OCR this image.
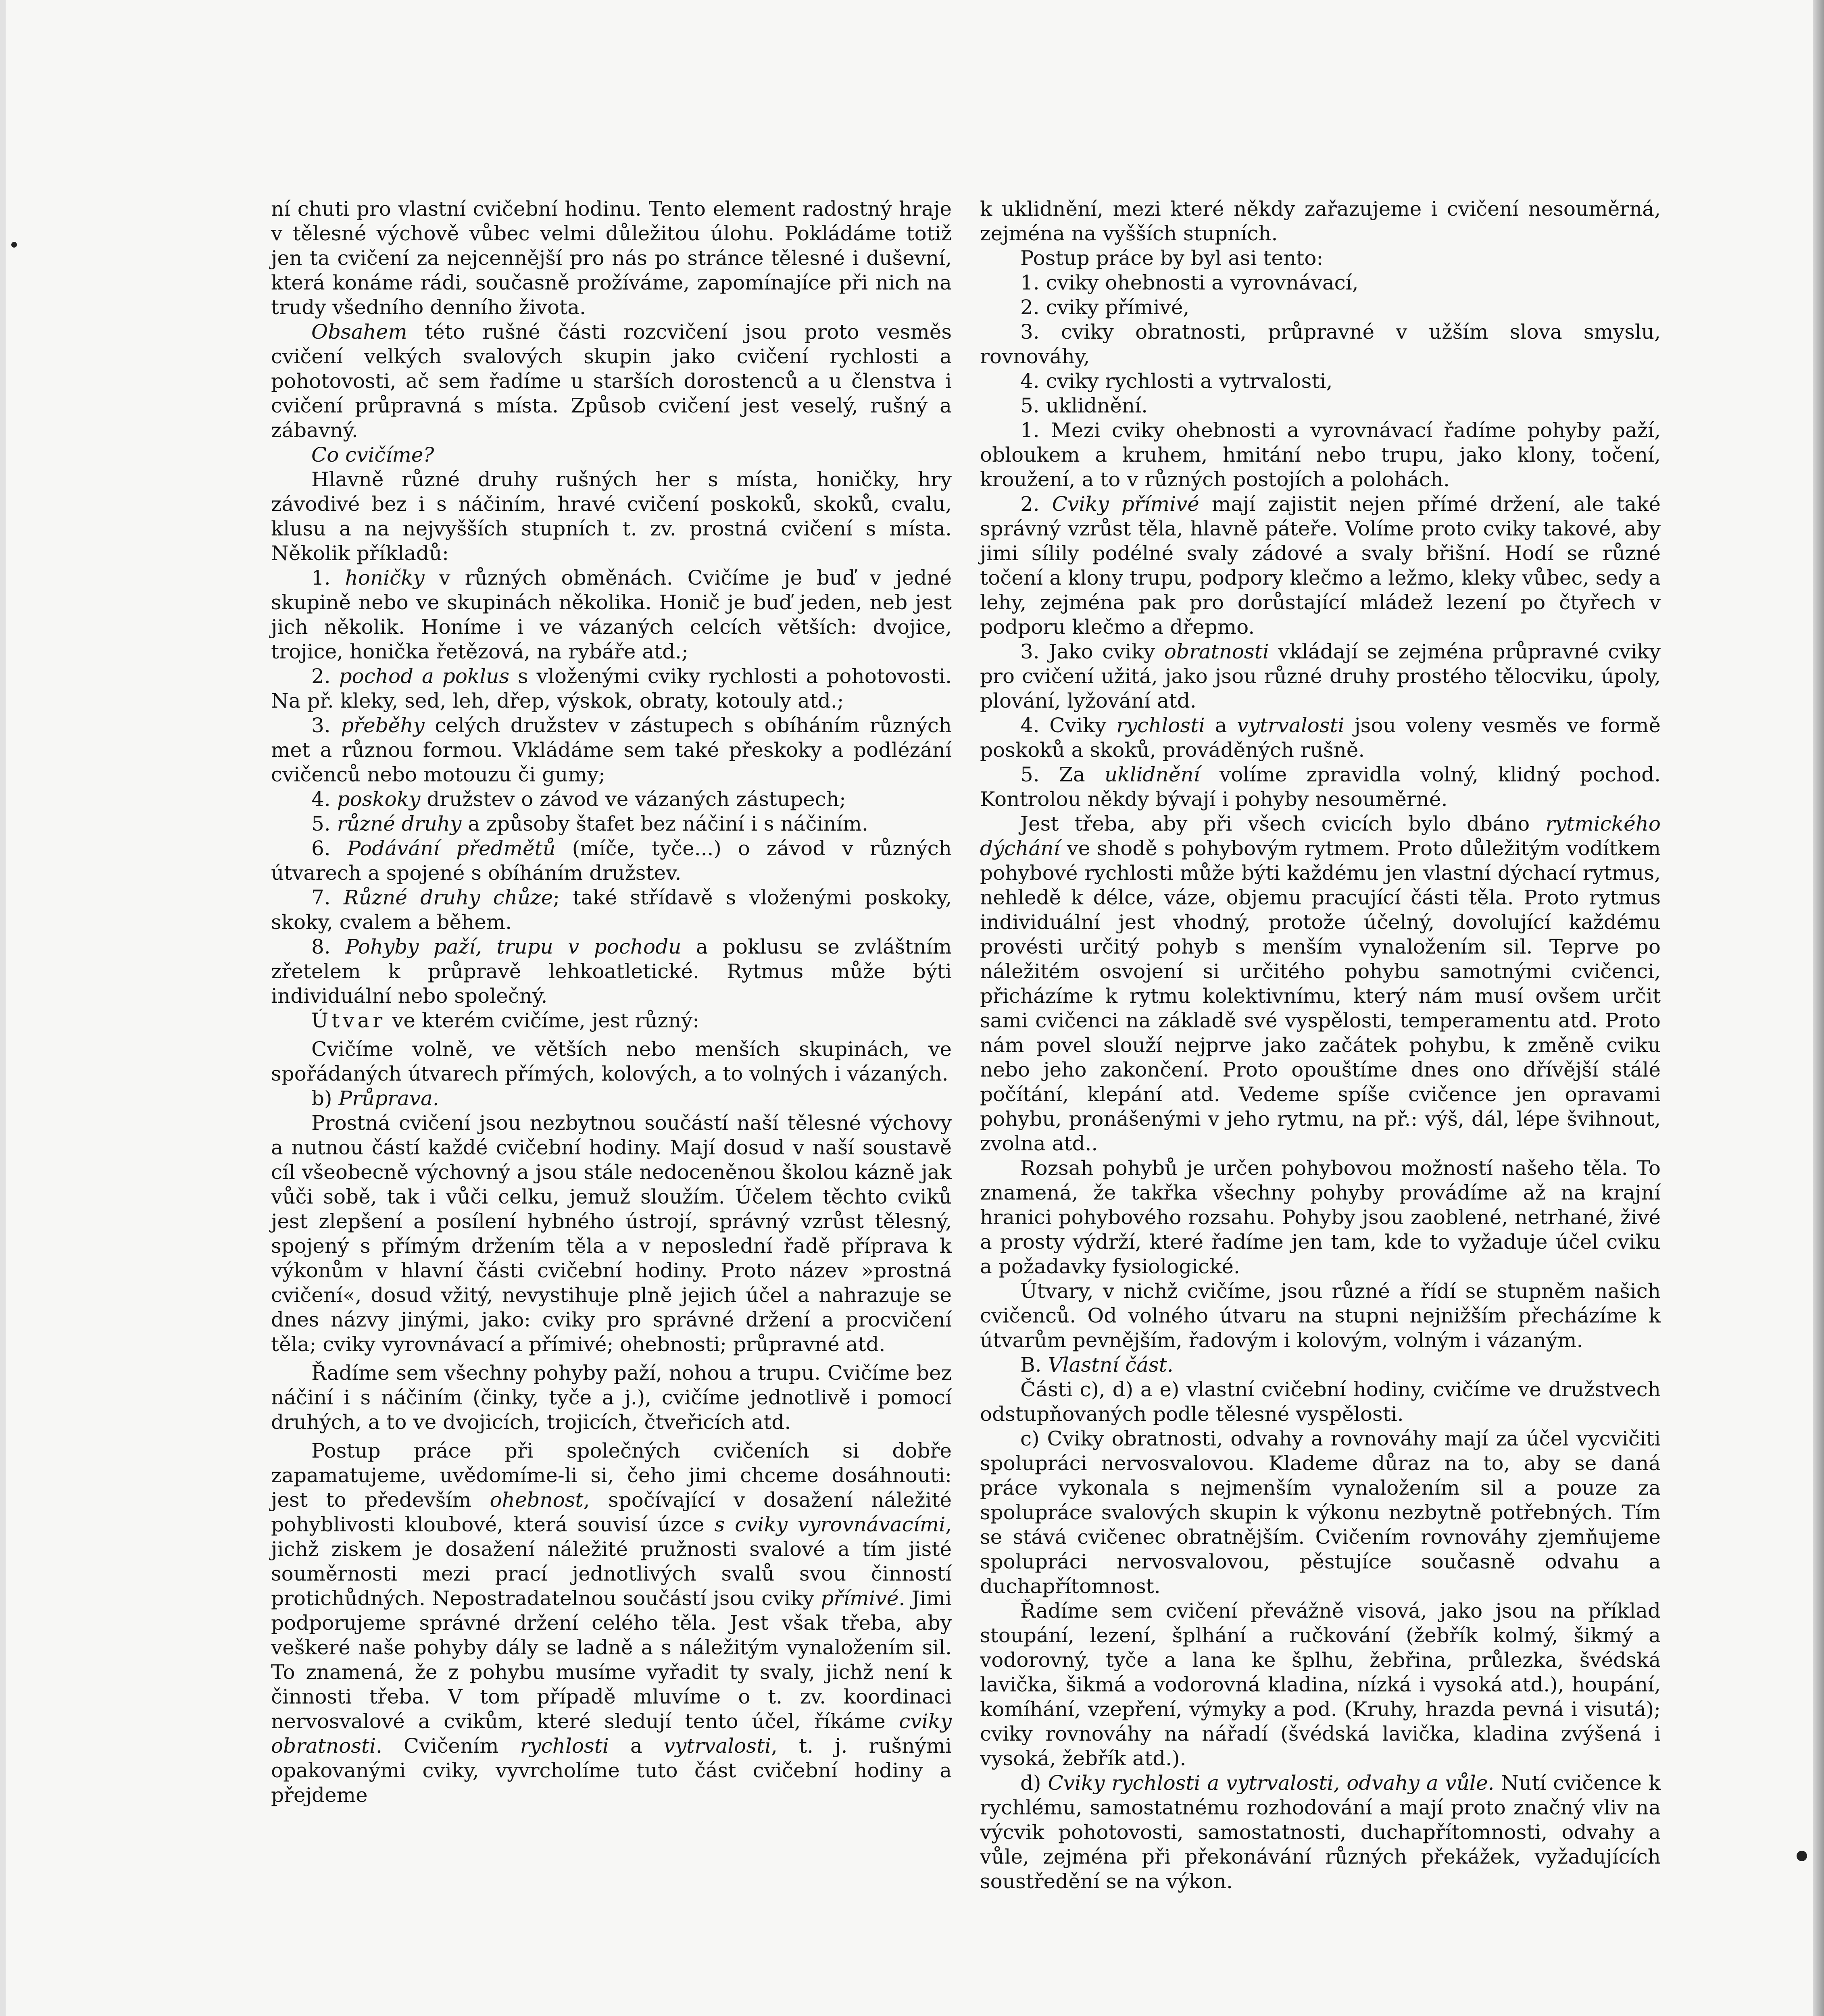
ní chuti pro vlastní cvičební hodinu. Tento element radostný hraje v tělesné výchově vůbec velmi důležitou úlohu. Pokládáme totiž jen ta cvičení za nejcennější pro nás po stránce tělesné i duševní, která konáme rádi, současně prožíváme, zapomínajíce při nich na trudy všedního denního života.

Obsahem této rušné části rozcvičení jsou proto vesměs cvičení velkých svalových skupin jako cvičení rychlosti a pohotovosti, ač sem řadíme u starších dorostenců a u členstva i cvičení průpravná s místa. Způsob cvičení jest veselý, rušný a zábavný.

Co cvičíme?

Hlavně různé druhy rušných her s místa, honičky, hry závodivé bez i s náčiním, hravé cvičení poskoků, skoků, cvalu, klusu a na nejvyšších stupních t. zv. prostná cvičení s místa. Několik příkladů:

1. honičky v různých obměnách. Cvičíme je buď v jedné skupině nebo ve skupinách několika. Honič je buď jeden, neb jest jich několik. Honíme i ve vázaných celcích větších: dvojice, trojice, honička řetězová, na rybáře atd.;

2. pochod a poklus s vloženými cviky rychlosti a pohotovosti. Na př. kleky, sed, leh, dřep, výskok, obraty, kotouly atd.;

3. přeběhy celých družstev v zástupech s obíháním různých met a různou formou. Vkládáme sem také přeskoky a podlézání cvičenců nebo motouzu či gumy;

4. poskoky družstev o závod ve vázaných zástupech;

5. různé druhy a způsoby štafet bez náčiní i s náčiním.

6. Podávání předmětů (míče, tyče...) o závod v různých útvarech a spojené s obíháním družstev.

7. Různé druhy chůze; také střídavě s vloženými poskoky, skoky, cvalem a během.

8. Pohyby paží, trupu v pochodu a poklusu se zvláštním zřetelem k průpravě lehkoatletické. Rytmus může býti individuální nebo společný.

Útvar ve kterém cvičíme, jest různý:

Cvičíme volně, ve větších nebo menších skupinách, ve spořádaných útvarech přímých, kolových, a to volných i vázaných.

b) Průprava.

Prostná cvičení jsou nezbytnou součástí naší tělesné výchovy a nutnou částí každé cvičební hodiny. Mají dosud v naší soustavě cíl všeobecně výchovný a jsou stále nedoceněnou školou kázně jak vůči sobě, tak i vůči celku, jemuž sloužím. Účelem těchto cviků jest zlepšení a posílení hybného ústrojí, správný vzrůst tělesný, spojený s přímým držením těla a v neposlední řadě příprava k výkonům v hlavní části cvičební hodiny. Proto název »prostná cvičení«, dosud vžitý, nevystihuje plně jejich účel a nahrazuje se dnes názvy jinými, jako: cviky pro správné držení a procvičení těla; cviky vyrovnávací a přímivé; ohebnosti; průpravné atd.

Řadíme sem všechny pohyby paží, nohou a trupu. Cvičíme bez náčiní i s náčiním (činky, tyče a j.), cvičíme jednotlivě i pomocí druhých, a to ve dvojicích, trojicích, čtveřicích atd.

Postup práce při společných cvičeních si dobře zapamatujeme, uvědomíme-li si, čeho jimi chceme dosáhnouti: jest to především ohebnost, spočívající v dosažení náležité pohyblivosti kloubové, která souvisí úzce s cviky vyrovnávacími, jichž ziskem je dosažení náležité pružnosti svalové a tím jisté souměrnosti mezi prací jednotlivých svalů svou činností protichůdných. Nepostradatelnou součástí jsou cviky přímivé. Jimi podporujeme správné držení celého těla. Jest však třeba, aby veškeré naše pohyby dály se ladně a s náležitým vynaložením sil. To znamená, že z pohybu musíme vyřadit ty svaly, jichž není k činnosti třeba. V tom případě mluvíme o t. zv. koordinaci nervosvalové a cvikům, které sledují tento účel, říkáme cviky obratnosti. Cvičením rychlosti a vytrvalosti, t. j. rušnými opakovanými cviky, vyvrcholíme tuto část cvičební hodiny a přejdeme

k uklidnění, mezi které někdy zařazujeme i cvičení nesouměrná, zejména na vyšších stupních.

Postup práce by byl asi tento:

1. cviky ohebnosti a vyrovnávací,

2. cviky přímivé,

3. cviky obratnosti, průpravné v užším slova smyslu, rovnováhy,

4. cviky rychlosti a vytrvalosti,

5. uklidnění.

1. Mezi cviky ohebnosti a vyrovnávací řadíme pohyby paží, obloukem a kruhem, hmitání nebo trupu, jako klony, točení, kroužení, a to v různých postojích a polohách.

2. Cviky přímivé mají zajistit nejen přímé držení, ale také správný vzrůst těla, hlavně páteře. Volíme proto cviky takové, aby jimi sílily podélné svaly zádové a svaly břišní. Hodí se různé točení a klony trupu, podpory klečmo a ležmo, kleky vůbec, sedy a lehy, zejména pak pro dorůstající mládež lezení po čtyřech v podporu klečmo a dřepmo.

3. Jako cviky obratnosti vkládají se zejména průpravné cviky pro cvičení užitá, jako jsou různé druhy prostého tělocviku, úpoly, plování, lyžování atd.

4. Cviky rychlosti a vytrvalosti jsou voleny vesměs ve formě poskoků a skoků, prováděných rušně.

5. Za uklidnění volíme zpravidla volný, klidný pochod. Kontrolou někdy bývají i pohyby nesouměrné.

Jest třeba, aby při všech cvicích bylo dbáno rytmického dýchání ve shodě s pohybovým rytmem. Proto důležitým vodítkem pohybové rychlosti může býti každému jen vlastní dýchací rytmus, nehledě k délce, váze, objemu pracující části těla. Proto rytmus individuální jest vhodný, protože účelný, dovolující každému provésti určitý pohyb s menším vynaložením sil. Teprve po náležitém osvojení si určitého pohybu samotnými cvičenci, přicházíme k rytmu kolektivnímu, který nám musí ovšem určit sami cvičenci na základě své vyspělosti, temperamentu atd. Proto nám povel slouží nejprve jako začátek pohybu, k změně cviku nebo jeho zakončení. Proto opouštíme dnes ono dřívější stálé počítání, klepání atd. Vedeme spíše cvičence jen opravami pohybu, pronášenými v jeho rytmu, na př.: výš, dál, lépe švihnout, zvolna atd..

Rozsah pohybů je určen pohybovou možností našeho těla. To znamená, že takřka všechny pohyby provádíme až na krajní hranici pohybového rozsahu. Pohyby jsou zaoblené, netrhané, živé a prosty výdrží, které řadíme jen tam, kde to vyžaduje účel cviku a požadavky fysiologické.

Útvary, v nichž cvičíme, jsou různé a řídí se stupněm našich cvičenců. Od volného útvaru na stupni nejnižším přecházíme k útvarům pevnějším, řadovým i kolovým, volným i vázaným.

B. Vlastní část.

Části c), d) a e) vlastní cvičební hodiny, cvičíme ve družstvech odstupňovaných podle tělesné vyspělosti.

c) Cviky obratnosti, odvahy a rovnováhy mají za účel vycvičiti spolupráci nervosvalovou. Klademe důraz na to, aby se daná práce vykonala s nejmenším vynaložením sil a pouze za spolupráce svalových skupin k výkonu nezbytně potřebných. Tím se stává cvičenec obratnějším. Cvičením rovnováhy zjemňujeme spolupráci nervosvalovou, pěstujíce současně odvahu a duchapřítomnost.

Řadíme sem cvičení převážně visová, jako jsou na příklad stoupání, lezení, šplhání a ručkování (žebřík kolmý, šikmý a vodorovný, tyče a lana ke šplhu, žebřina, průlezka, švédská lavička, šikmá a vodorovná kladina, nízká i vysoká atd.), houpání, komíhání, vzepření, výmyky a pod. (Kruhy, hrazda pevná i visutá); cviky rovnováhy na nářadí (švédská lavička, kladina zvýšená i vysoká, žebřík atd.).

d) Cviky rychlosti a vytrvalosti, odvahy a vůle. Nutí cvičence k rychlému, samostatnému rozhodování a mají proto značný vliv na výcvik pohotovosti, samostatnosti, duchapřítomnosti, odvahy a vůle, zejména při překonávání různých překážek, vyžadujících soustředění se na výkon.
